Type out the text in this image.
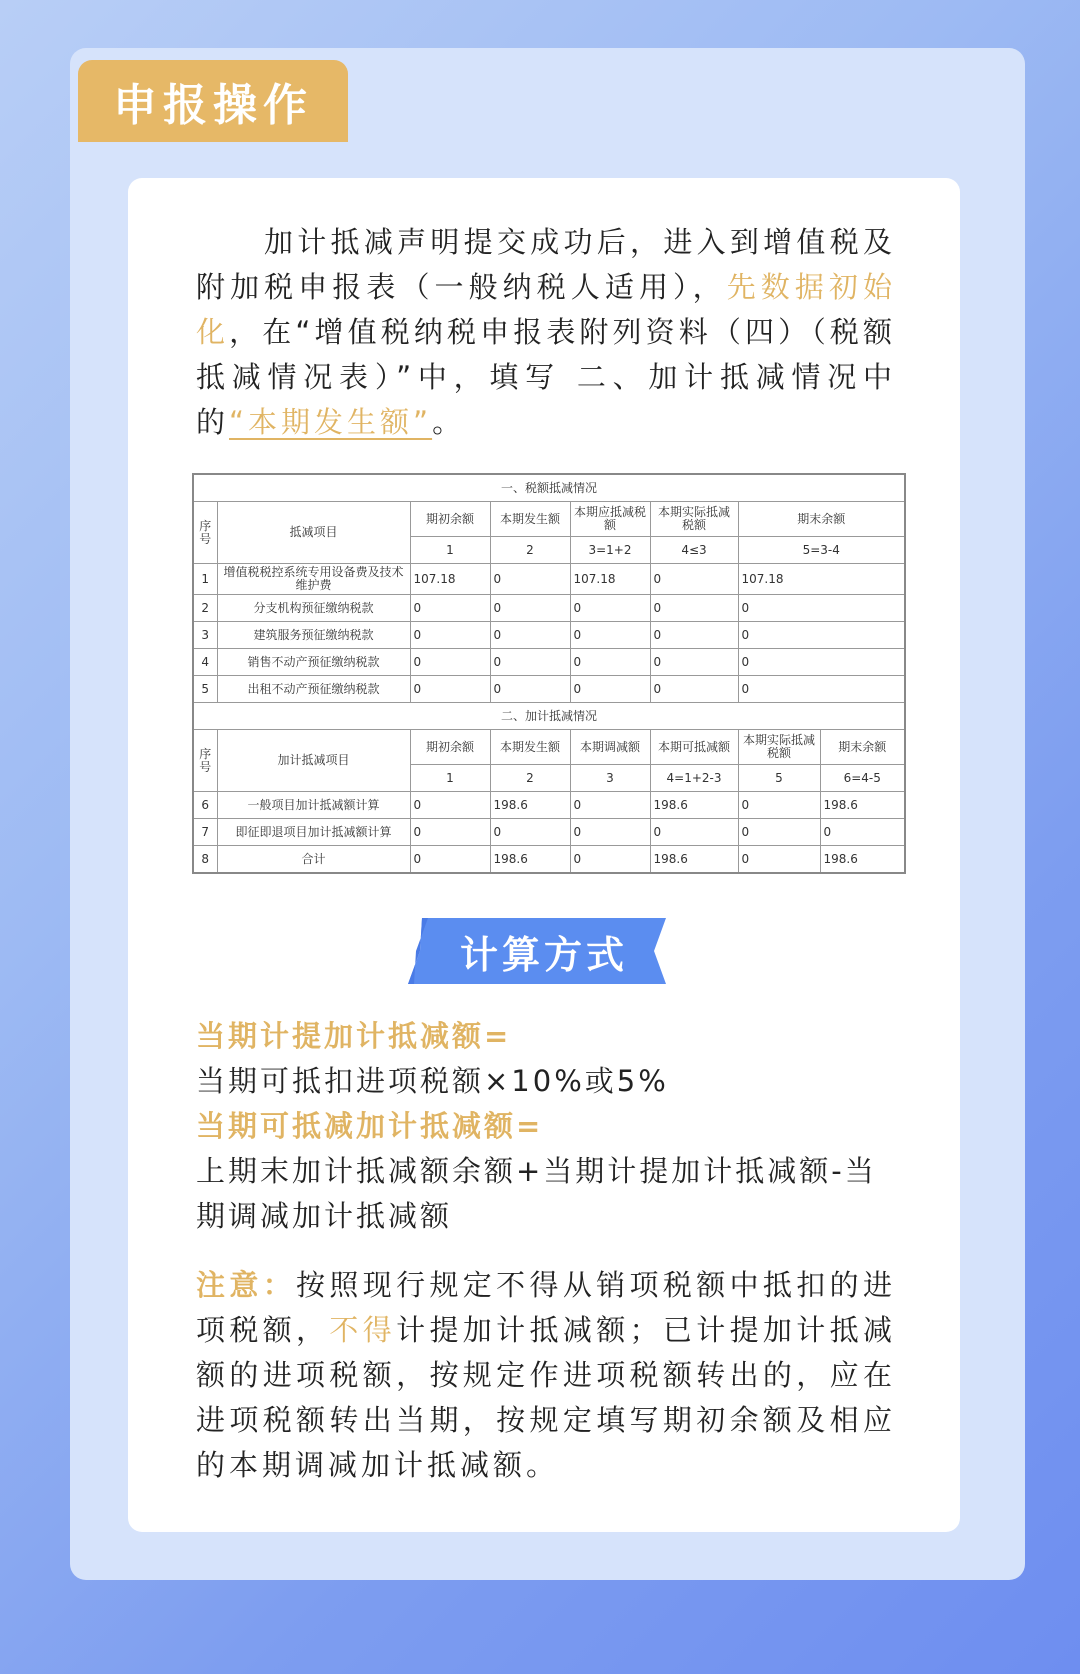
申报操作
加计抵减声明提交成功后，进入到增值税及附加税申报表（一般纳税人适用），先数据初始化，在“增值税纳税申报表附列资料（四）（税额抵减情况表）”中，填写 二、加计抵减情况中的“本期发生额”。
一、税额抵减情况							
序号	抵减项目	期初余额	本期发生额	本期应抵减税额	本期实际抵减税额	期末余额	
		1	2	3=1+2	4≤3	5=3-4	
1	增值税税控系统专用设备费及技术维护费	107.18	0	107.18	0	107.18	
2	分支机构预征缴纳税款	0	0	0	0	0	
3	建筑服务预征缴纳税款	0	0	0	0	0	
4	销售不动产预征缴纳税款	0	0	0	0	0	
5	出租不动产预征缴纳税款	0	0	0	0	0	
二、加计抵减情况							
序号	加计抵减项目	期初余额	本期发生额	本期调减额	本期可抵减额	本期实际抵减税额	期末余额
		1	2	3	4=1+2-3	5	6=4-5
6	一般项目加计抵减额计算	0	198.6	0	198.6	0	198.6
7	即征即退项目加计抵减额计算	0	0	0	0	0	0
8	合计	0	198.6	0	198.6	0	198.6
计算方式
当期计提加计抵减额=
当期可抵扣进项税额×10%或5%
当期可抵减加计抵减额=
上期末加计抵减额余额+当期计提加计抵减额-当期调减加计抵减额
注意：按照现行规定不得从销项税额中抵扣的进项税额，不得计提加计抵减额；已计提加计抵减额的进项税额，按规定作进项税额转出的，应在进项税额转出当期，按规定填写期初余额及相应的本期调减加计抵减额。
